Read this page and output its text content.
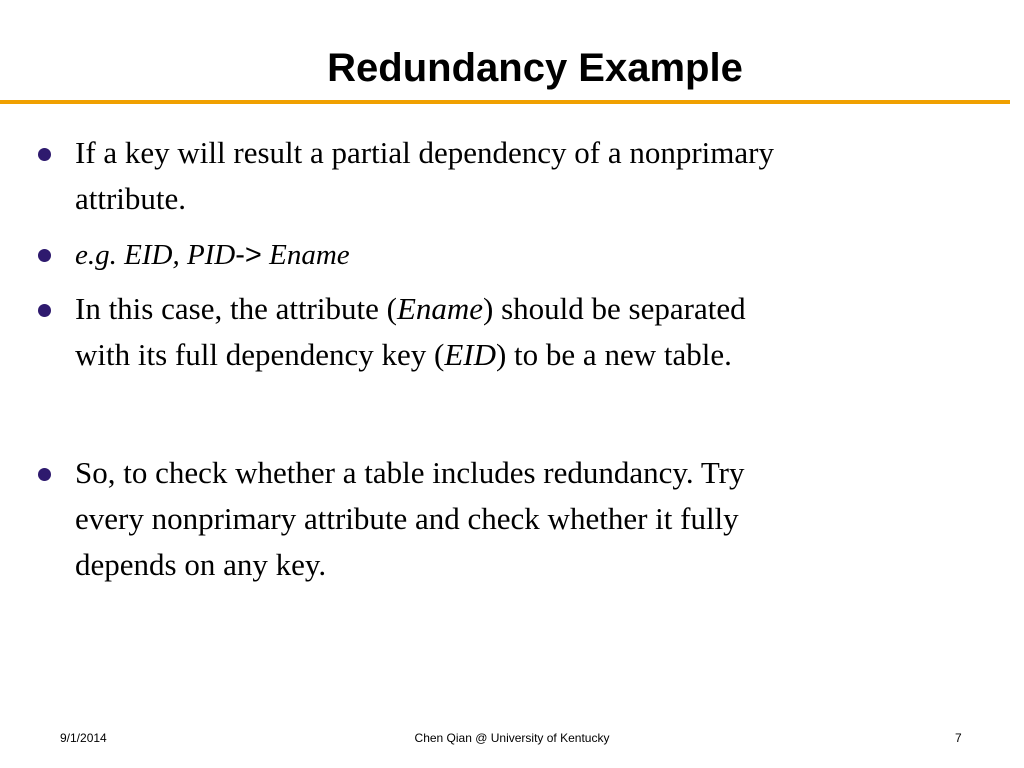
Redundancy Example
If a key will result a partial dependency of a nonprimary
attribute.
e.g. EID, PID-> Ename
In this case, the attribute (Ename) should be separated
with its full dependency key (EID) to be a new table.
So, to check whether a table includes redundancy. Try
every nonprimary attribute and check whether it fully
depends on any key.
9/1/2014	Chen Qian @ University of Kentucky	7
